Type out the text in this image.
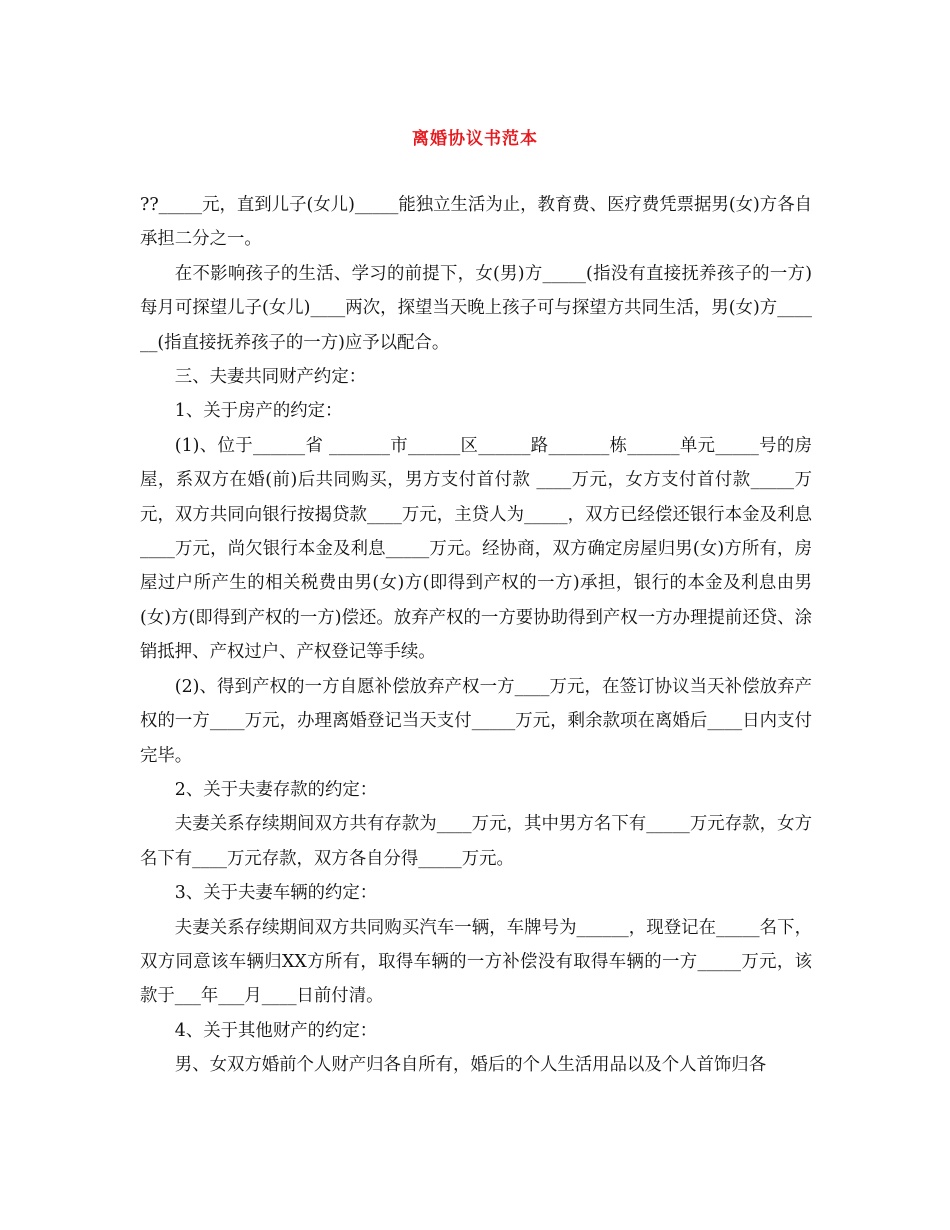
离婚协议书范本

??_____元，直到儿子(女儿)_____能独立生活为止，教育费、医疗费凭票据男(女)方各自承担二分之一。

在不影响孩子的生活、学习的前提下，女(男)方_____(指没有直接抚养孩子的一方)每月可探望儿子(女儿)____两次，探望当天晚上孩子可与探望方共同生活，男(女)方______(指直接抚养孩子的一方)应予以配合。

三、夫妻共同财产约定：

1、关于房产的约定：

(1)、位于______省 _______市______区______路_______栋______单元_____号的房屋，系双方在婚(前)后共同购买，男方支付首付款 ____万元，女方支付首付款_____万元，双方共同向银行按揭贷款____万元，主贷人为_____，双方已经偿还银行本金及利息____万元，尚欠银行本金及利息_____万元。经协商，双方确定房屋归男(女)方所有，房屋过户所产生的相关税费由男(女)方(即得到产权的一方)承担，银行的本金及利息由男(女)方(即得到产权的一方)偿还。放弃产权的一方要协助得到产权一方办理提前还贷、涂销抵押、产权过户、产权登记等手续。

(2)、得到产权的一方自愿补偿放弃产权一方____万元，在签订协议当天补偿放弃产权的一方____万元，办理离婚登记当天支付_____万元，剩余款项在离婚后____日内支付完毕。

2、关于夫妻存款的约定：

夫妻关系存续期间双方共有存款为____万元，其中男方名下有_____万元存款，女方名下有____万元存款，双方各自分得_____万元。

3、关于夫妻车辆的约定：

夫妻关系存续期间双方共同购买汽车一辆，车牌号为______，现登记在_____名下，双方同意该车辆归XX方所有，取得车辆的一方补偿没有取得车辆的一方_____万元，该款于___年___月____日前付清。

4、关于其他财产的约定：

男、女双方婚前个人财产归各自所有，婚后的个人生活用品以及个人首饰归各
